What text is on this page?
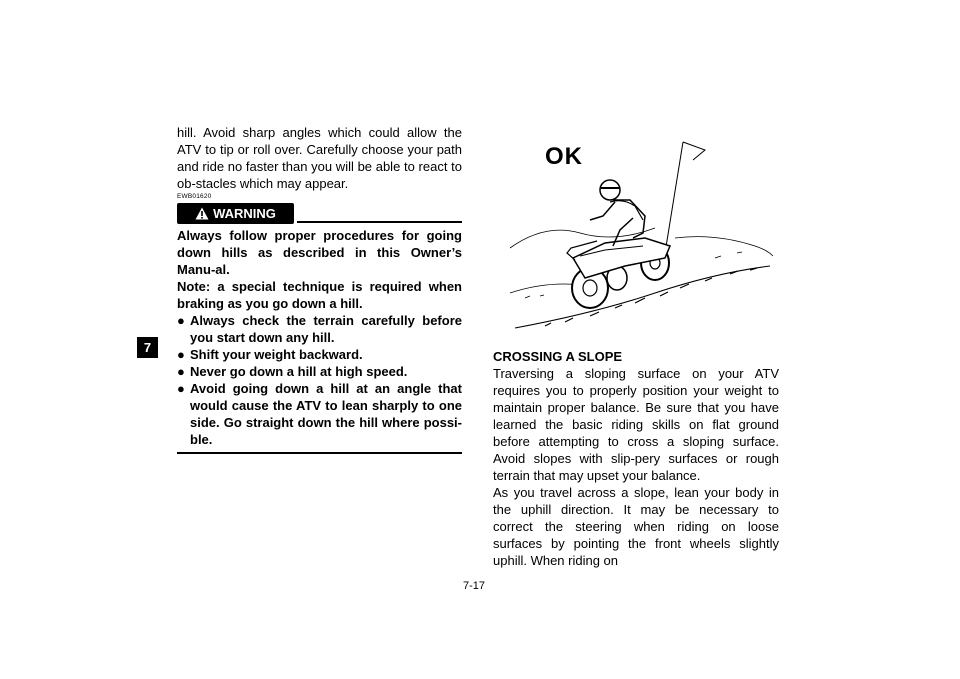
7

hill. Avoid sharp angles which could allow the ATV to tip or roll over. Carefully choose your path and ride no faster than you will be able to react to ob-stacles which may appear.

EWB01620
WARNING

Always follow proper procedures for going down hills as described in this Owner’s Manu-al.

Note: a special technique is required when braking as you go down a hill.

● Always check the terrain carefully before you start down any hill.
● Shift your weight backward.
● Never go down a hill at high speed.
● Avoid going down a hill at an angle that would cause the ATV to lean sharply to one side. Go straight down the hill where possi-ble.
OK

CROSSING A SLOPE

Traversing a sloping surface on your ATV requires you to properly position your weight to maintain proper balance. Be sure that you have learned the basic riding skills on flat ground before attempting to cross a sloping surface. Avoid slopes with slip-pery surfaces or rough terrain that may upset your balance.

As you travel across a slope, lean your body in the uphill direction. It may be necessary to correct the steering when riding on loose surfaces by pointing the front wheels slightly uphill. When riding on

7-17
